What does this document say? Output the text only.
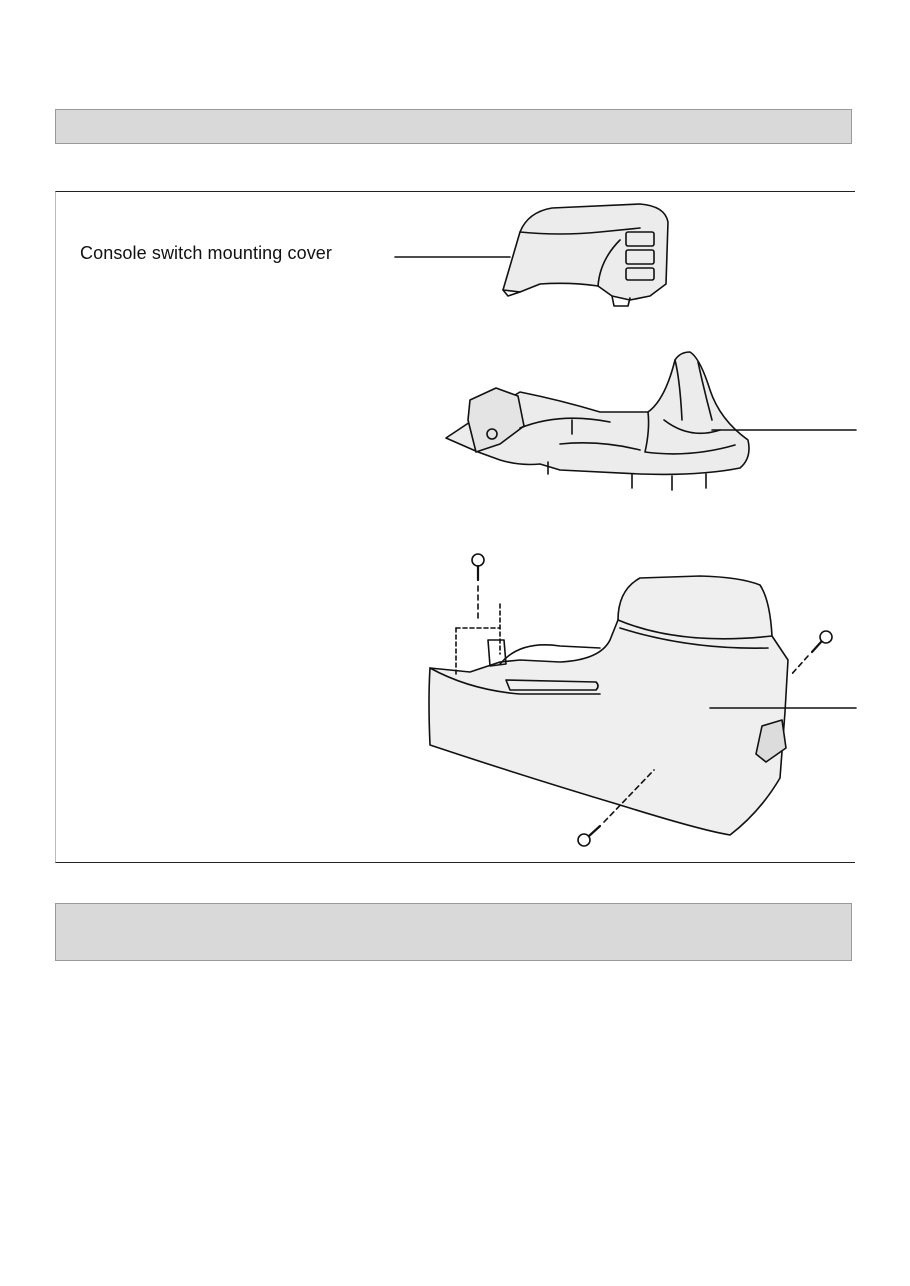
Console switch mounting cover
